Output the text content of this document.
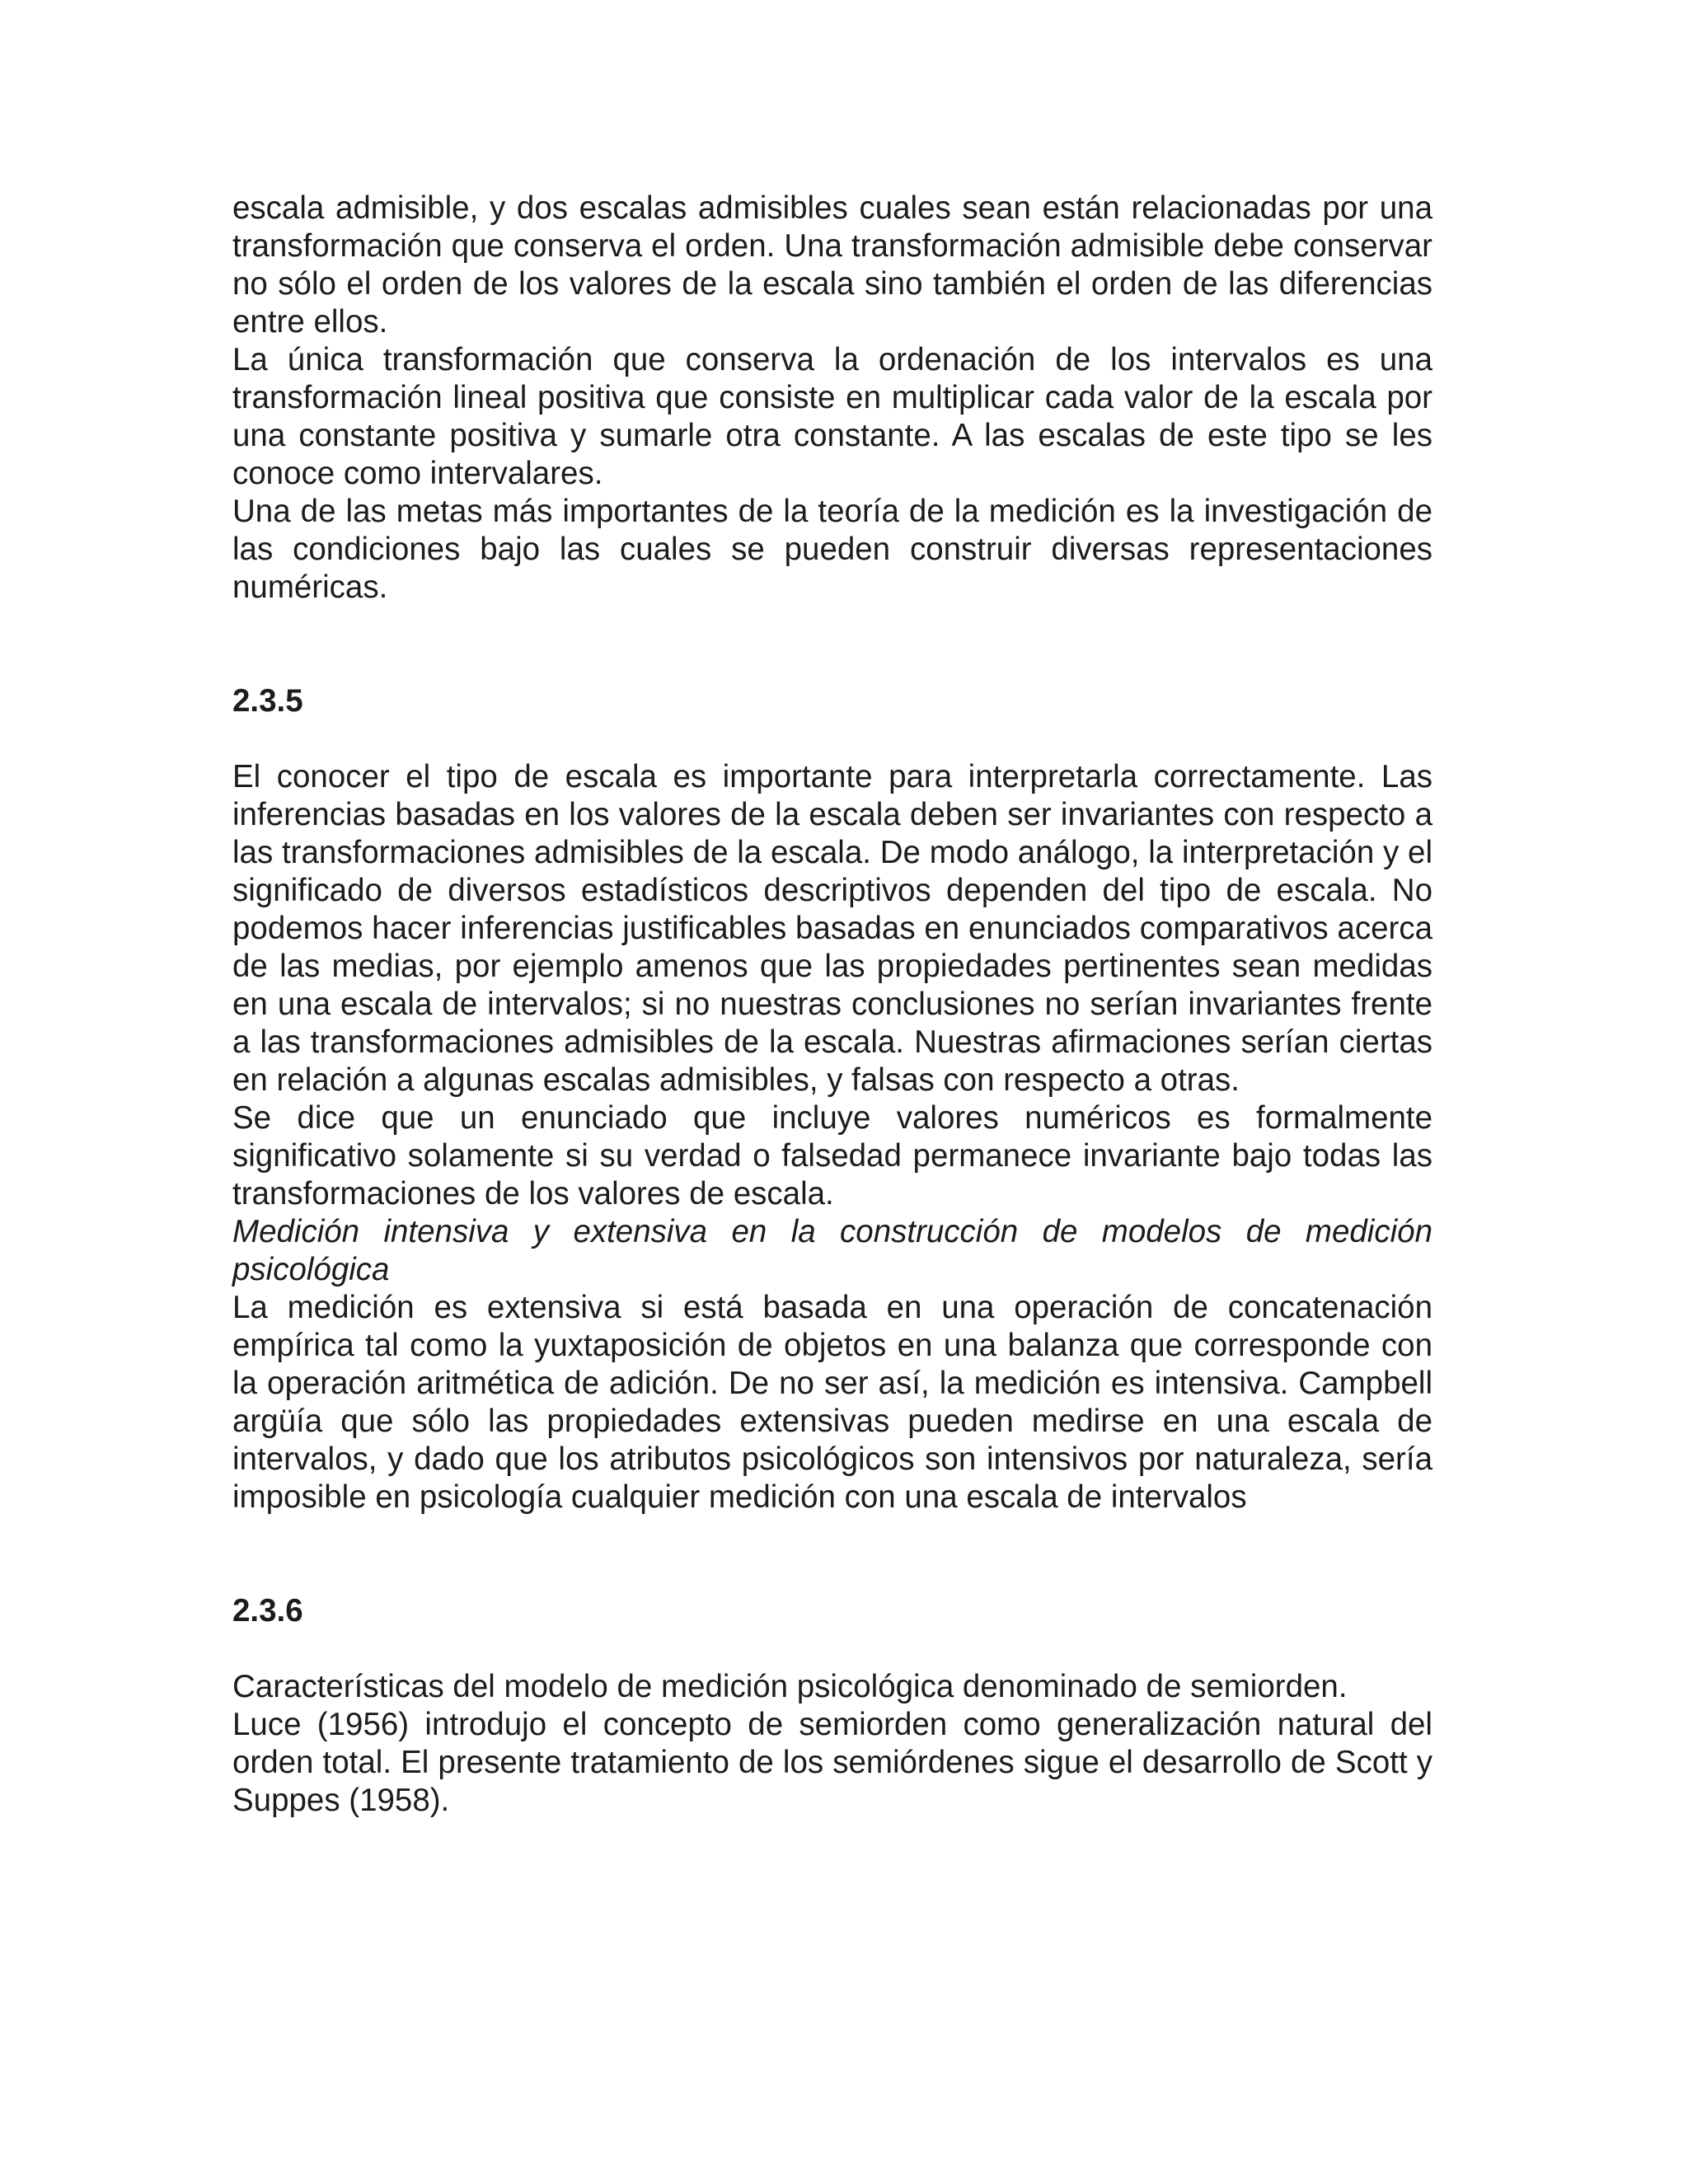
escala admisible, y dos escalas admisibles cuales sean están relacionadas por una transformación que conserva el orden. Una transformación admisible debe conservar no sólo el orden de los valores de la escala sino también el orden de las diferencias entre ellos.

La única transformación que conserva la ordenación de los intervalos es una transformación lineal positiva que consiste en multiplicar cada valor de la escala por una constante positiva y sumarle otra constante. A las escalas de este tipo se les conoce como intervalares.

Una de las metas más importantes de la teoría de la medición es la investigación de las condiciones bajo las cuales se pueden construir diversas representaciones numéricas.

2.3.5

El conocer el tipo de escala es importante para interpretarla correctamente. Las inferencias basadas en los valores de la escala deben ser invariantes con respecto a las transformaciones admisibles de la escala. De modo análogo, la interpretación y el significado de diversos estadísticos descriptivos dependen del tipo de escala. No podemos hacer inferencias justificables basadas en enunciados comparativos acerca de las medias, por ejemplo amenos que las propiedades pertinentes sean medidas en una escala de intervalos; si no nuestras conclusiones no serían invariantes frente a las transformaciones admisibles de la escala. Nuestras afirmaciones serían ciertas en relación a algunas escalas admisibles, y falsas con respecto a otras.

Se dice que un enunciado que incluye valores numéricos es formalmente significativo solamente si su verdad o falsedad permanece invariante bajo todas las transformaciones de los valores de escala.

Medición intensiva y extensiva en la construcción de modelos de medición psicológica

La medición es extensiva si está basada en una operación de concatenación empírica tal como la yuxtaposición de objetos en una balanza que corresponde con la operación aritmética de adición. De no ser así, la medición es intensiva. Campbell argüía que sólo las propiedades extensivas pueden medirse en una escala de intervalos, y dado que los atributos psicológicos son intensivos por naturaleza, sería imposible en psicología cualquier medición con una escala de intervalos

2.3.6

Características del modelo de medición psicológica denominado de semiorden.

Luce (1956) introdujo el concepto de semiorden como generalización natural del orden total. El presente tratamiento de los semiórdenes sigue el desarrollo de Scott y Suppes (1958).
